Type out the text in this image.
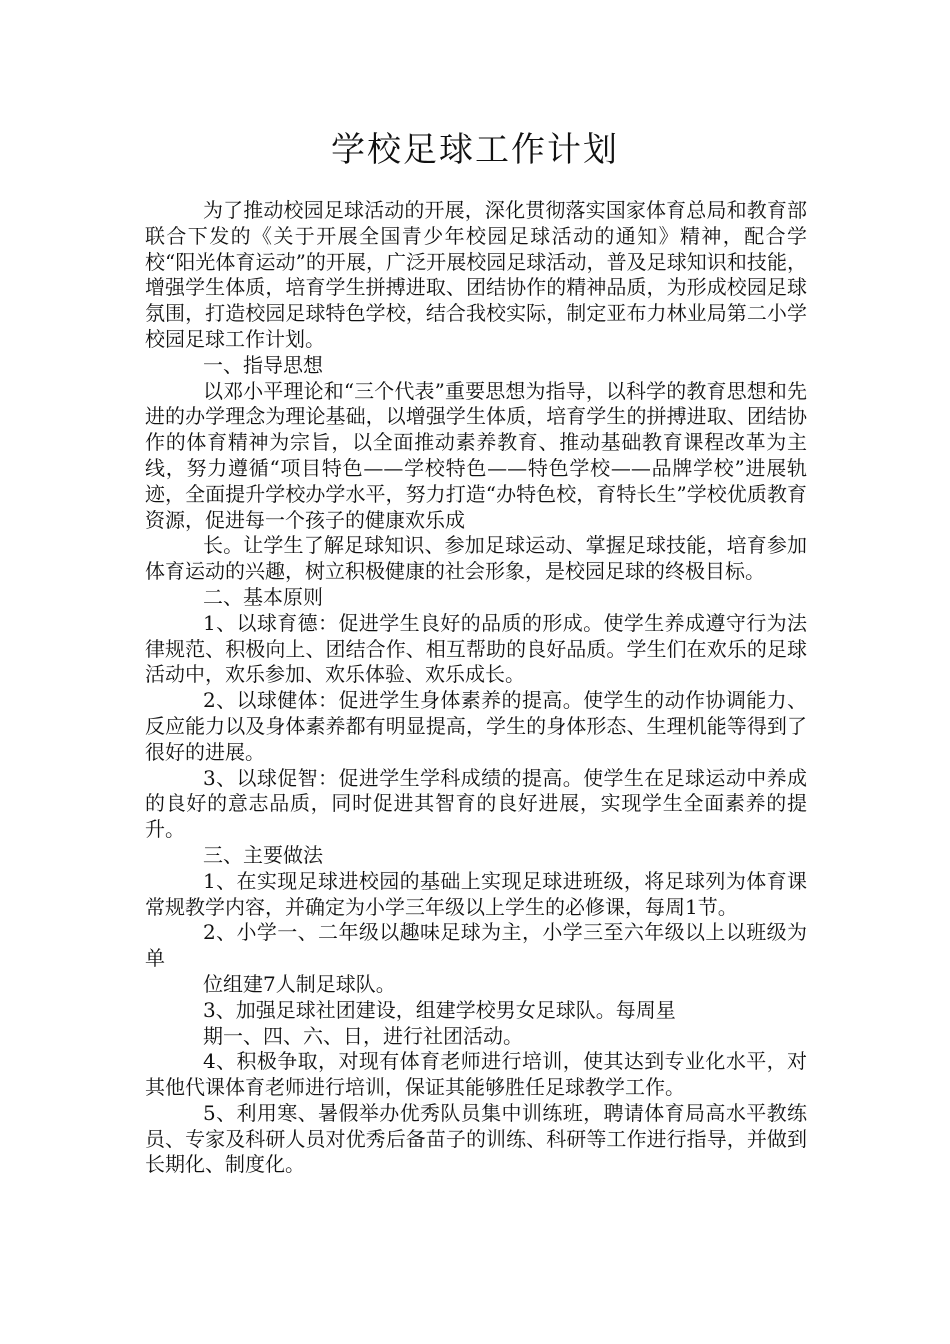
学校足球工作计划

为了推动校园足球活动的开展，深化贯彻落实国家体育总局和教育部联合下发的《关于开展全国青少年校园足球活动的通知》精神，配合学校“阳光体育运动”的开展，广泛开展校园足球活动，普及足球知识和技能，增强学生体质，培育学生拼搏进取、团结协作的精神品质，为形成校园足球氛围，打造校园足球特色学校，结合我校实际，制定亚布力林业局第二小学校园足球工作计划。

一、指导思想

以邓小平理论和“三个代表”重要思想为指导，以科学的教育思想和先进的办学理念为理论基础，以增强学生体质，培育学生的拼搏进取、团结协作的体育精神为宗旨，以全面推动素养教育、推动基础教育课程改革为主线，努力遵循“项目特色——学校特色——特色学校——品牌学校”进展轨迹，全面提升学校办学水平，努力打造“办特色校，育特长生”学校优质教育资源，促进每一个孩子的健康欢乐成

长。让学生了解足球知识、参加足球运动、掌握足球技能，培育参加体育运动的兴趣，树立积极健康的社会形象，是校园足球的终极目标。

二、基本原则

1、以球育德：促进学生良好的品质的形成。使学生养成遵守行为法律规范、积极向上、团结合作、相互帮助的良好品质。学生们在欢乐的足球活动中，欢乐参加、欢乐体验、欢乐成长。

2、以球健体：促进学生身体素养的提高。使学生的动作协调能力、反应能力以及身体素养都有明显提高，学生的身体形态、生理机能等得到了很好的进展。

3、以球促智：促进学生学科成绩的提高。使学生在足球运动中养成的良好的意志品质，同时促进其智育的良好进展，实现学生全面素养的提升。

三、主要做法

1、在实现足球进校园的基础上实现足球进班级，将足球列为体育课常规教学内容，并确定为小学三年级以上学生的必修课，每周1节。

2、小学一、二年级以趣味足球为主，小学三至六年级以上以班级为单

位组建7人制足球队。

3、加强足球社团建设，组建学校男女足球队。每周星

期一、四、六、日，进行社团活动。

4、积极争取，对现有体育老师进行培训，使其达到专业化水平，对其他代课体育老师进行培训，保证其能够胜任足球教学工作。

5、利用寒、暑假举办优秀队员集中训练班，聘请体育局高水平教练员、专家及科研人员对优秀后备苗子的训练、科研等工作进行指导，并做到长期化、制度化。
